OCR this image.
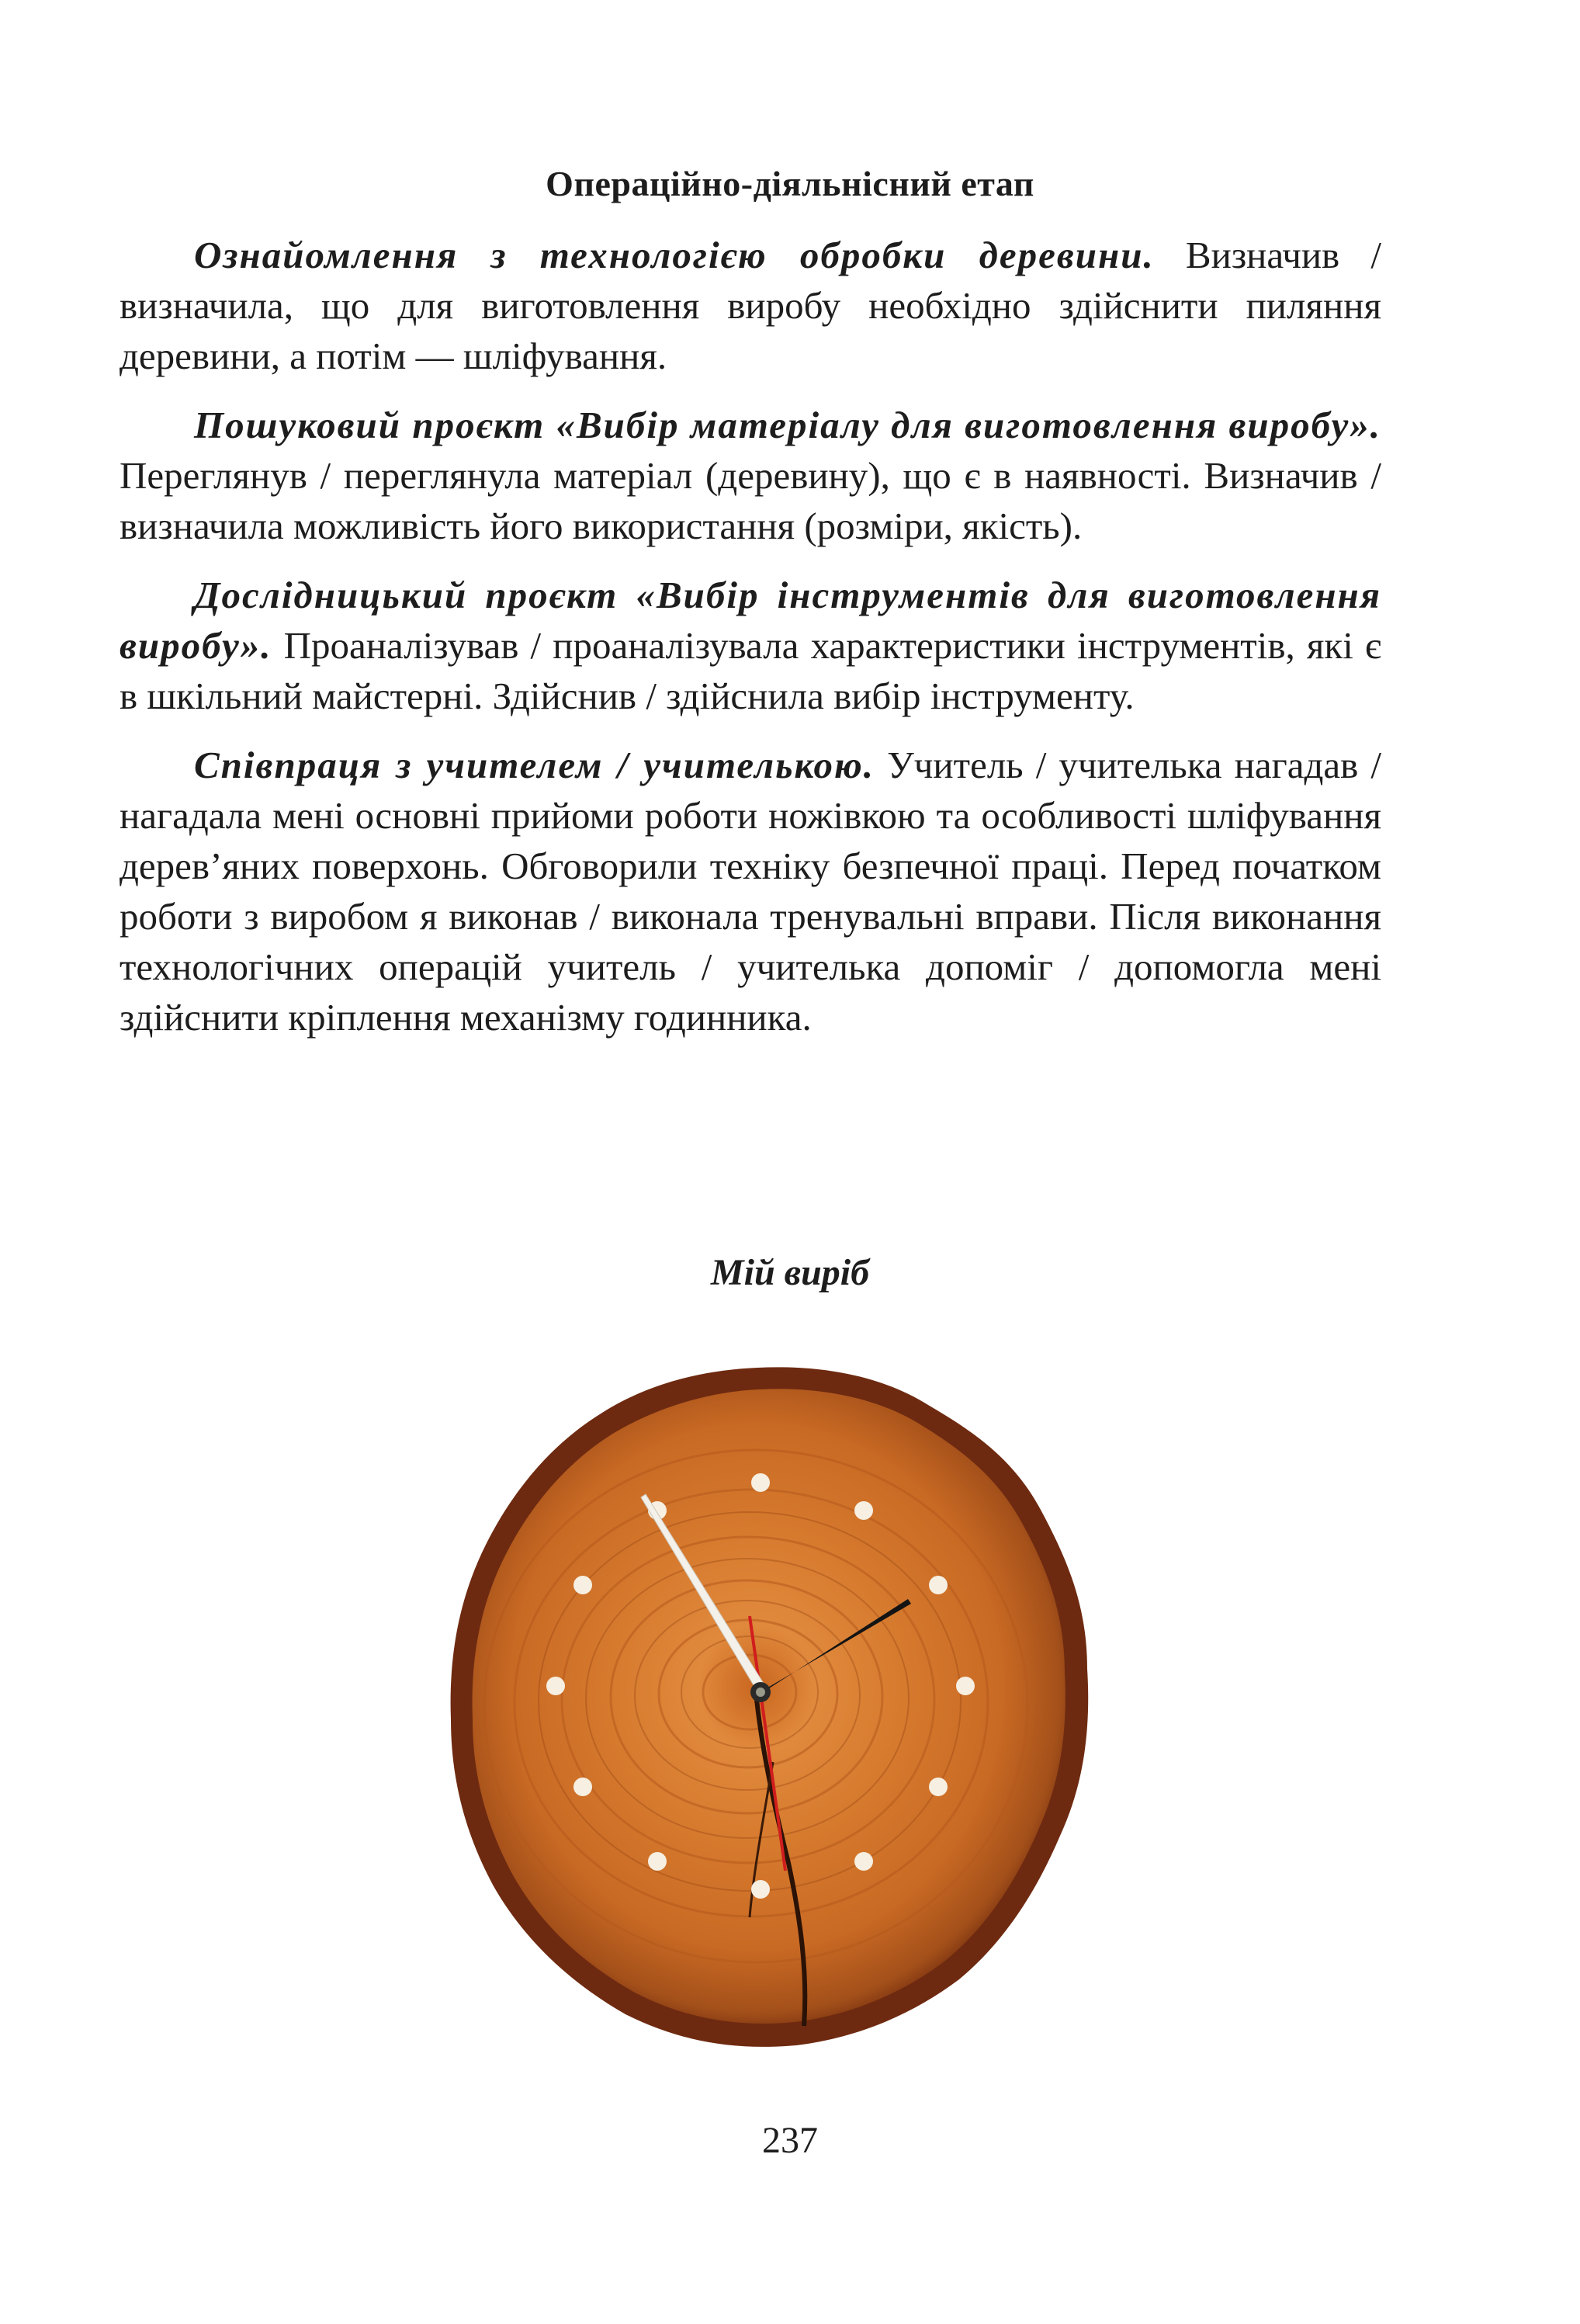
Операційно-діяльнісний етап

Ознайомлення з технологією обробки деревини. Визначив / визначила, що для виготовлення виробу необхідно здійснити пиляння деревини, а потім — шліфування.

Пошуковий проєкт «Вибір матеріалу для виготовлення виробу». Переглянув / переглянула матеріал (деревину), що є в наявності. Визначив / визначила можливість його використання (розміри, якість).

Дослідницький проєкт «Вибір інструментів для виготовлення виробу». Проаналізував / проаналізувала характеристики інструментів, які є в шкільний майстерні. Здійснив / здійснила вибір інструменту.

Співпраця з учителем / учителькою. Учитель / учителька нагадав / нагадала мені основні прийоми роботи ножівкою та особливості шліфування дерев’яних поверхонь. Обговорили техніку безпечної праці. Перед початком роботи з виробом я виконав / виконала тренувальні вправи. Після виконання технологічних операцій учитель / учителька допоміг / допомогла мені здійснити кріплення механізму годинника.

Мій виріб
237
